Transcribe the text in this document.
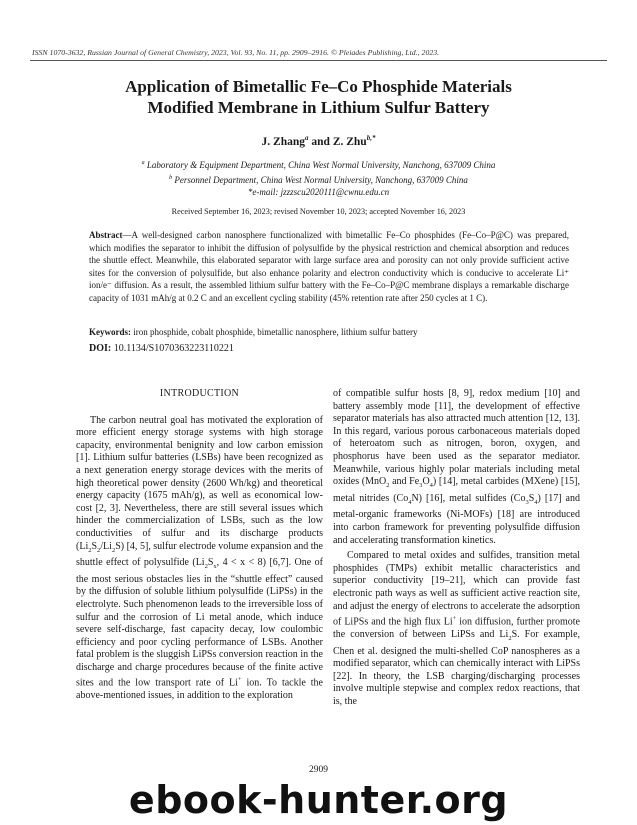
ISSN 1070-3632, Russian Journal of General Chemistry, 2023, Vol. 93, No. 11, pp. 2909–2916. © Pleiades Publishing, Ltd., 2023.
Application of Bimetallic Fe–Co Phosphide Materials
Modified Membrane in Lithium Sulfur Battery
J. Zhang$^a$ and Z. Zhu$^{b,*}$
$^a$ Laboratory & Equipment Department, China West Normal University, Nanchong, 637009 China
$^b$ Personnel Department, China West Normal University, Nanchong, 637009 China
*e-mail: jzzzscu2020111@cwnu.edu.cn
Received September 16, 2023; revised November 10, 2023; accepted November 16, 2023
Abstract—A well-designed carbon nanosphere functionalized with bimetallic Fe–Co phosphides (Fe–Co–P@C) was prepared, which modifies the separator to inhibit the diffusion of polysulfide by the physical restriction and chemical absorption and reduces the shuttle effect. Meanwhile, this elaborated separator with large surface area and porosity can not only provide sufficient active sites for the conversion of polysulfide, but also enhance polarity and electron conductivity which is conducive to accelerate Li⁺ ion/e⁻ diffusion. As a result, the assembled lithium sulfur battery with the Fe–Co–P@C membrane displays a remarkable discharge capacity of 1031 mAh/g at 0.2 C and an excellent cycling stability (45% retention rate after 250 cycles at 1 C).
Keywords: iron phosphide, cobalt phosphide, bimetallic nanosphere, lithium sulfur battery
DOI: 10.1134/S1070363223110221
INTRODUCTION

The carbon neutral goal has motivated the exploration of more efficient energy storage systems with high storage capacity, environmental benignity and low carbon emission [1]. Lithium sulfur batteries (LSBs) have been recognized as a next generation energy storage devices with the merits of high theoretical power density (2600 Wh/kg) and theoretical energy capacity (1675 mAh/g), as well as economical low-cost [2, 3]. Nevertheless, there are still several issues which hinder the commercialization of LSBs, such as the low conductivities of sulfur and its discharge products $(Li_2S_2/Li_2S)$ [4, 5], sulfur electrode volume expansion and the shuttle effect of polysulfide ($Li_2S_x$, 4 < x < 8) [6,7]. One of the most serious obstacles lies in the “shuttle effect” caused by the diffusion of soluble lithium polysulfide (LiPSs) in the electrolyte. Such phenomenon leads to the irreversible loss of sulfur and the corrosion of Li metal anode, which induce severe self-discharge, fast capacity decay, low coulombic efficiency and poor cycling performance of LSBs. Another fatal problem is the sluggish LiPSs conversion reaction in the discharge and charge procedures because of the finite active sites and the low transport rate of Li+ ion. To tackle the above-mentioned issues, in addition to the exploration

of compatible sulfur hosts [8, 9], redox medium [10] and battery assembly mode [11], the development of effective separator materials has also attracted much attention [12, 13]. In this regard, various porous carbonaceous materials doped of heteroatom such as nitrogen, boron, oxygen, and phosphorus have been used as the separator mediator. Meanwhile, various highly polar materials including metal oxides (MnO$_2$ and $Fe_3O_4$) [14], metal carbides (MXene) [15], metal nitrides $(Co_4N)$ [16], metal sulfides $(Co_3S_4)$ [17] and metal-organic frameworks (Ni-MOFs) [18] are introduced into carbon framework for preventing polysulfide diffusion and accelerating transformation kinetics.

Compared to metal oxides and sulfides, transition metal phosphides (TMPs) exhibit metallic characteristics and superior conductivity [19–21], which can provide fast electronic path ways as well as sufficient active reaction site, and adjust the energy of electrons to accelerate the adsorption of LiPSs and the high flux Li+ ion diffusion, further promote the conversion of between LiPSs and $Li_2S$. For example, Chen et al. designed the multi-shelled CoP nanospheres as a modified separator, which can chemically interact with LiPSs [22]. In theory, the LSB charging/discharging processes involve multiple stepwise and complex redox reactions, that is, the

2909
ebook-hunter.org
